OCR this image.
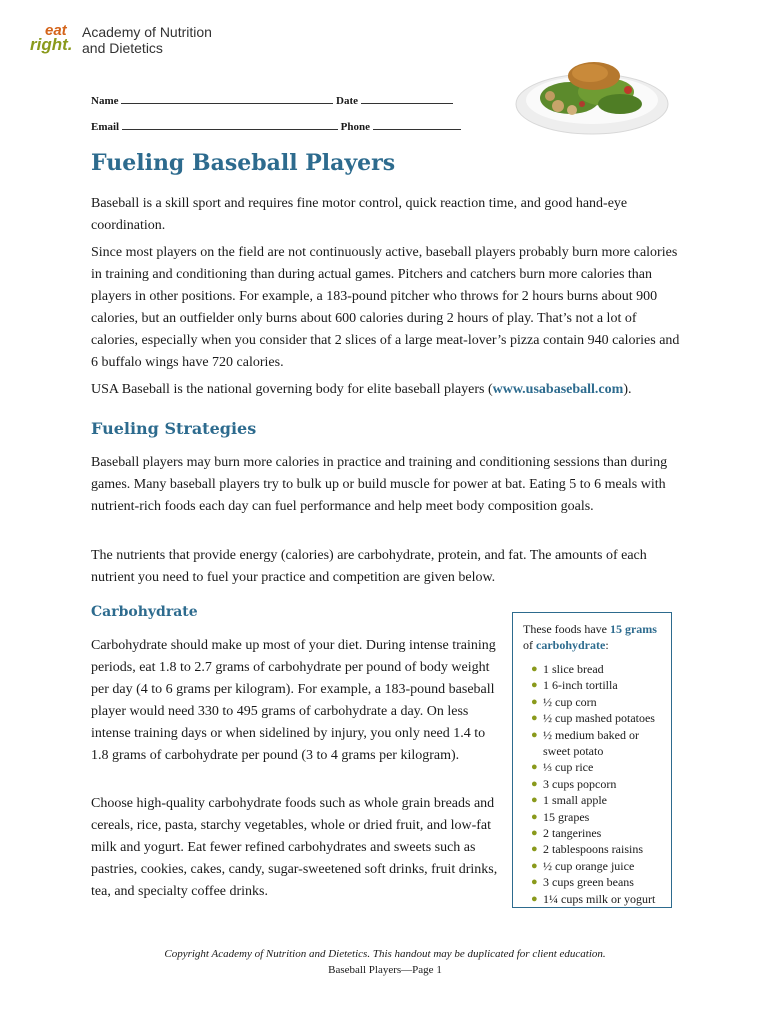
eat
right.
Academy of Nutrition
and Dietetics
Name	Date
Email	Phone
Fueling Baseball Players

Baseball is a skill sport and requires fine motor control, quick reaction time, and good hand-eye coordination.

Since most players on the field are not continuously active, baseball players probably burn more calories in training and conditioning than during actual games. Pitchers and catchers burn more calories than players in other positions. For example, a 183-pound pitcher who throws for 2 hours burns about 900 calories, but an outfielder only burns about 600 calories during 2 hours of play. That’s not a lot of calories, especially when you consider that 2 slices of a large meat-lover’s pizza contain 940 calories and 6 buffalo wings have 720 calories.

USA Baseball is the national governing body for elite baseball players (www.usabaseball.com).

Fueling Strategies

Baseball players may burn more calories in practice and training and conditioning sessions than during games. Many baseball players try to bulk up or build muscle for power at bat. Eating 5 to 6 meals with nutrient-rich foods each day can fuel performance and help meet body composition goals.

The nutrients that provide energy (calories) are carbohydrate, protein, and fat. The amounts of each nutrient you need to fuel your practice and competition are given below.

Carbohydrate

Carbohydrate should make up most of your diet. During intense training periods, eat 1.8 to 2.7 grams of carbohydrate per pound of body weight per day (4 to 6 grams per kilogram). For example, a 183-pound baseball player would need 330 to 495 grams of carbohydrate a day. On less intense training days or when sidelined by injury, you only need 1.4 to 1.8 grams of carbohydrate per pound (3 to 4 grams per kilogram).

Choose high-quality carbohydrate foods such as whole grain breads and cereals, rice, pasta, starchy vegetables, whole or dried fruit, and low-fat milk and yogurt. Eat fewer refined carbohydrates and sweets such as pastries, cookies, cakes, candy, sugar-sweetened soft drinks, fruit drinks, tea, and specialty coffee drinks.

These foods have 15 grams of carbohydrate:
● 1 slice bread
● 1 6-inch tortilla
● ½ cup corn
● ½ cup mashed potatoes
● ½ medium baked or sweet potato
● ⅓ cup rice
● 3 cups popcorn
● 1 small apple
● 15 grapes
● 2 tangerines
● 2 tablespoons raisins
● ½ cup orange juice
● 3 cups green beans
● 1¼ cups milk or yogurt
Copyright Academy of Nutrition and Dietetics. This handout may be duplicated for client education.
Baseball Players—Page 1
